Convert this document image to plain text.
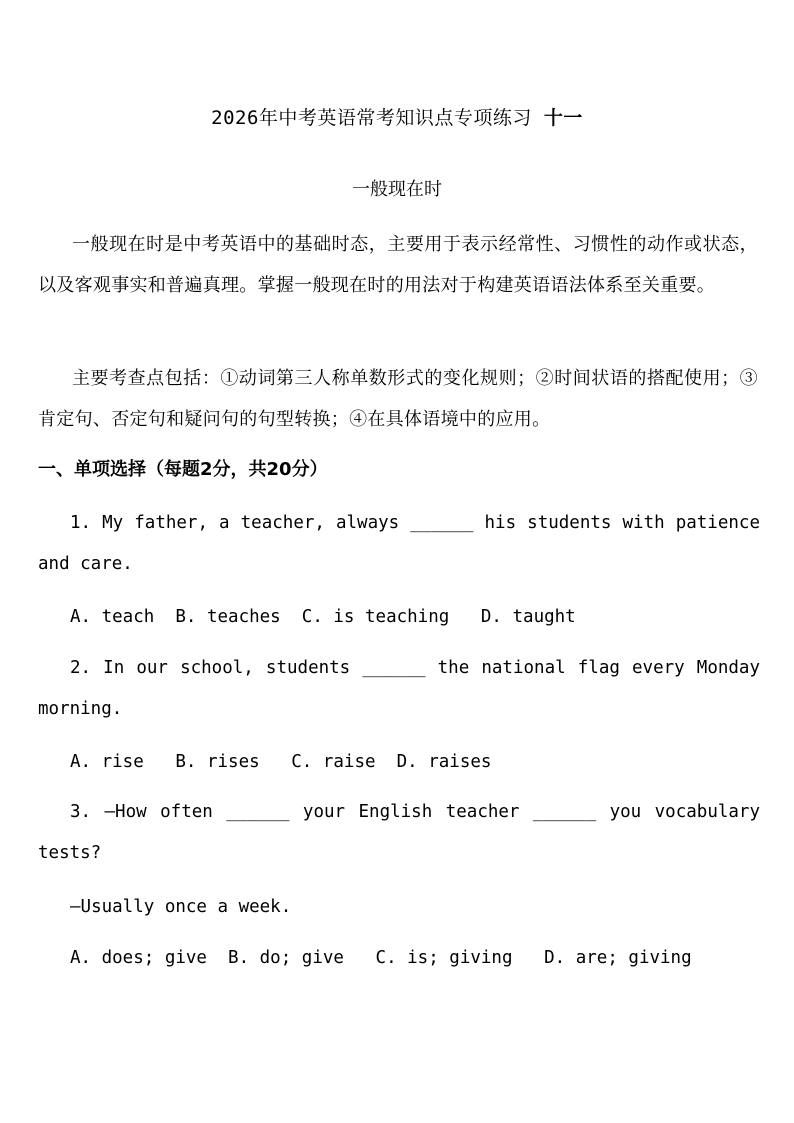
2026年中考英语常考知识点专项练习 十一
一般现在时
一般现在时是中考英语中的基础时态，主要用于表示经常性、习惯性的动作或状态，以及客观事实和普遍真理。掌握一般现在时的用法对于构建英语语法体系至关重要。
主要考查点包括：①动词第三人称单数形式的变化规则；②时间状语的搭配使用；③肯定句、否定句和疑问句的句型转换；④在具体语境中的应用。
一、单项选择（每题2分，共20分）
1. My father, a teacher, always ______ his students with patience and care.
A. teach  B. teaches  C. is teaching   D. taught
2. In our school, students ______ the national flag every Monday morning.
A. rise   B. rises   C. raise  D. raises
3. —How often ______ your English teacher ______ you vocabulary tests?
—Usually once a week.
A. does; give  B. do; give   C. is; giving   D. are; giving
